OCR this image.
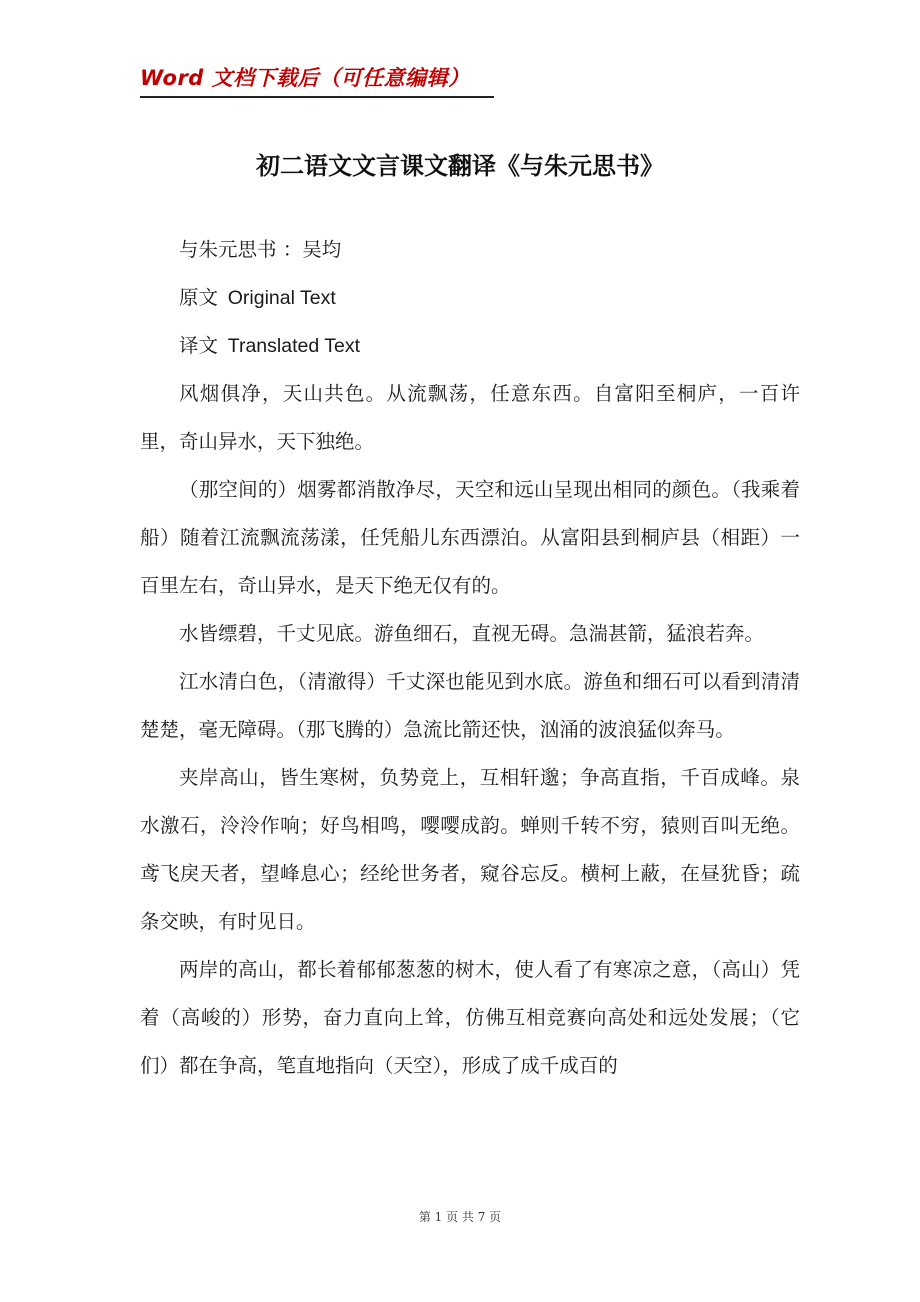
Word 文档下载后（可任意编辑）
初二语文文言课文翻译《与朱元思书》

与朱元思书 ：吴均

原文  Original Text

译文  Translated Text

风烟俱净，天山共色。从流飘荡，任意东西。自富阳至桐庐，一百许里，奇山异水，天下独绝。

（那空间的）烟雾都消散净尽，天空和远山呈现出相同的颜色。（我乘着船）随着江流飘流荡漾，任凭船儿东西漂泊。从富阳县到桐庐县（相距）一百里左右，奇山异水，是天下绝无仅有的。

水皆缥碧，千丈见底。游鱼细石，直视无碍。急湍甚箭，猛浪若奔。

江水清白色，（清澈得）千丈深也能见到水底。游鱼和细石可以看到清清楚楚，毫无障碍。（那飞腾的）急流比箭还快，汹涌的波浪猛似奔马。

夹岸高山，皆生寒树，负势竞上，互相轩邈；争高直指，千百成峰。泉水激石，泠泠作响；好鸟相鸣，嘤嘤成韵。蝉则千转不穷，猿则百叫无绝。鸢飞戾天者，望峰息心；经纶世务者，窥谷忘反。横柯上蔽，在昼犹昏；疏条交映，有时见日。

两岸的高山，都长着郁郁葱葱的树木，使人看了有寒凉之意，（高山）凭着（高峻的）形势，奋力直向上耸，仿佛互相竞赛向高处和远处发展；（它们）都在争高，笔直地指向（天空），形成了成千成百的

第 1 页 共 7 页
